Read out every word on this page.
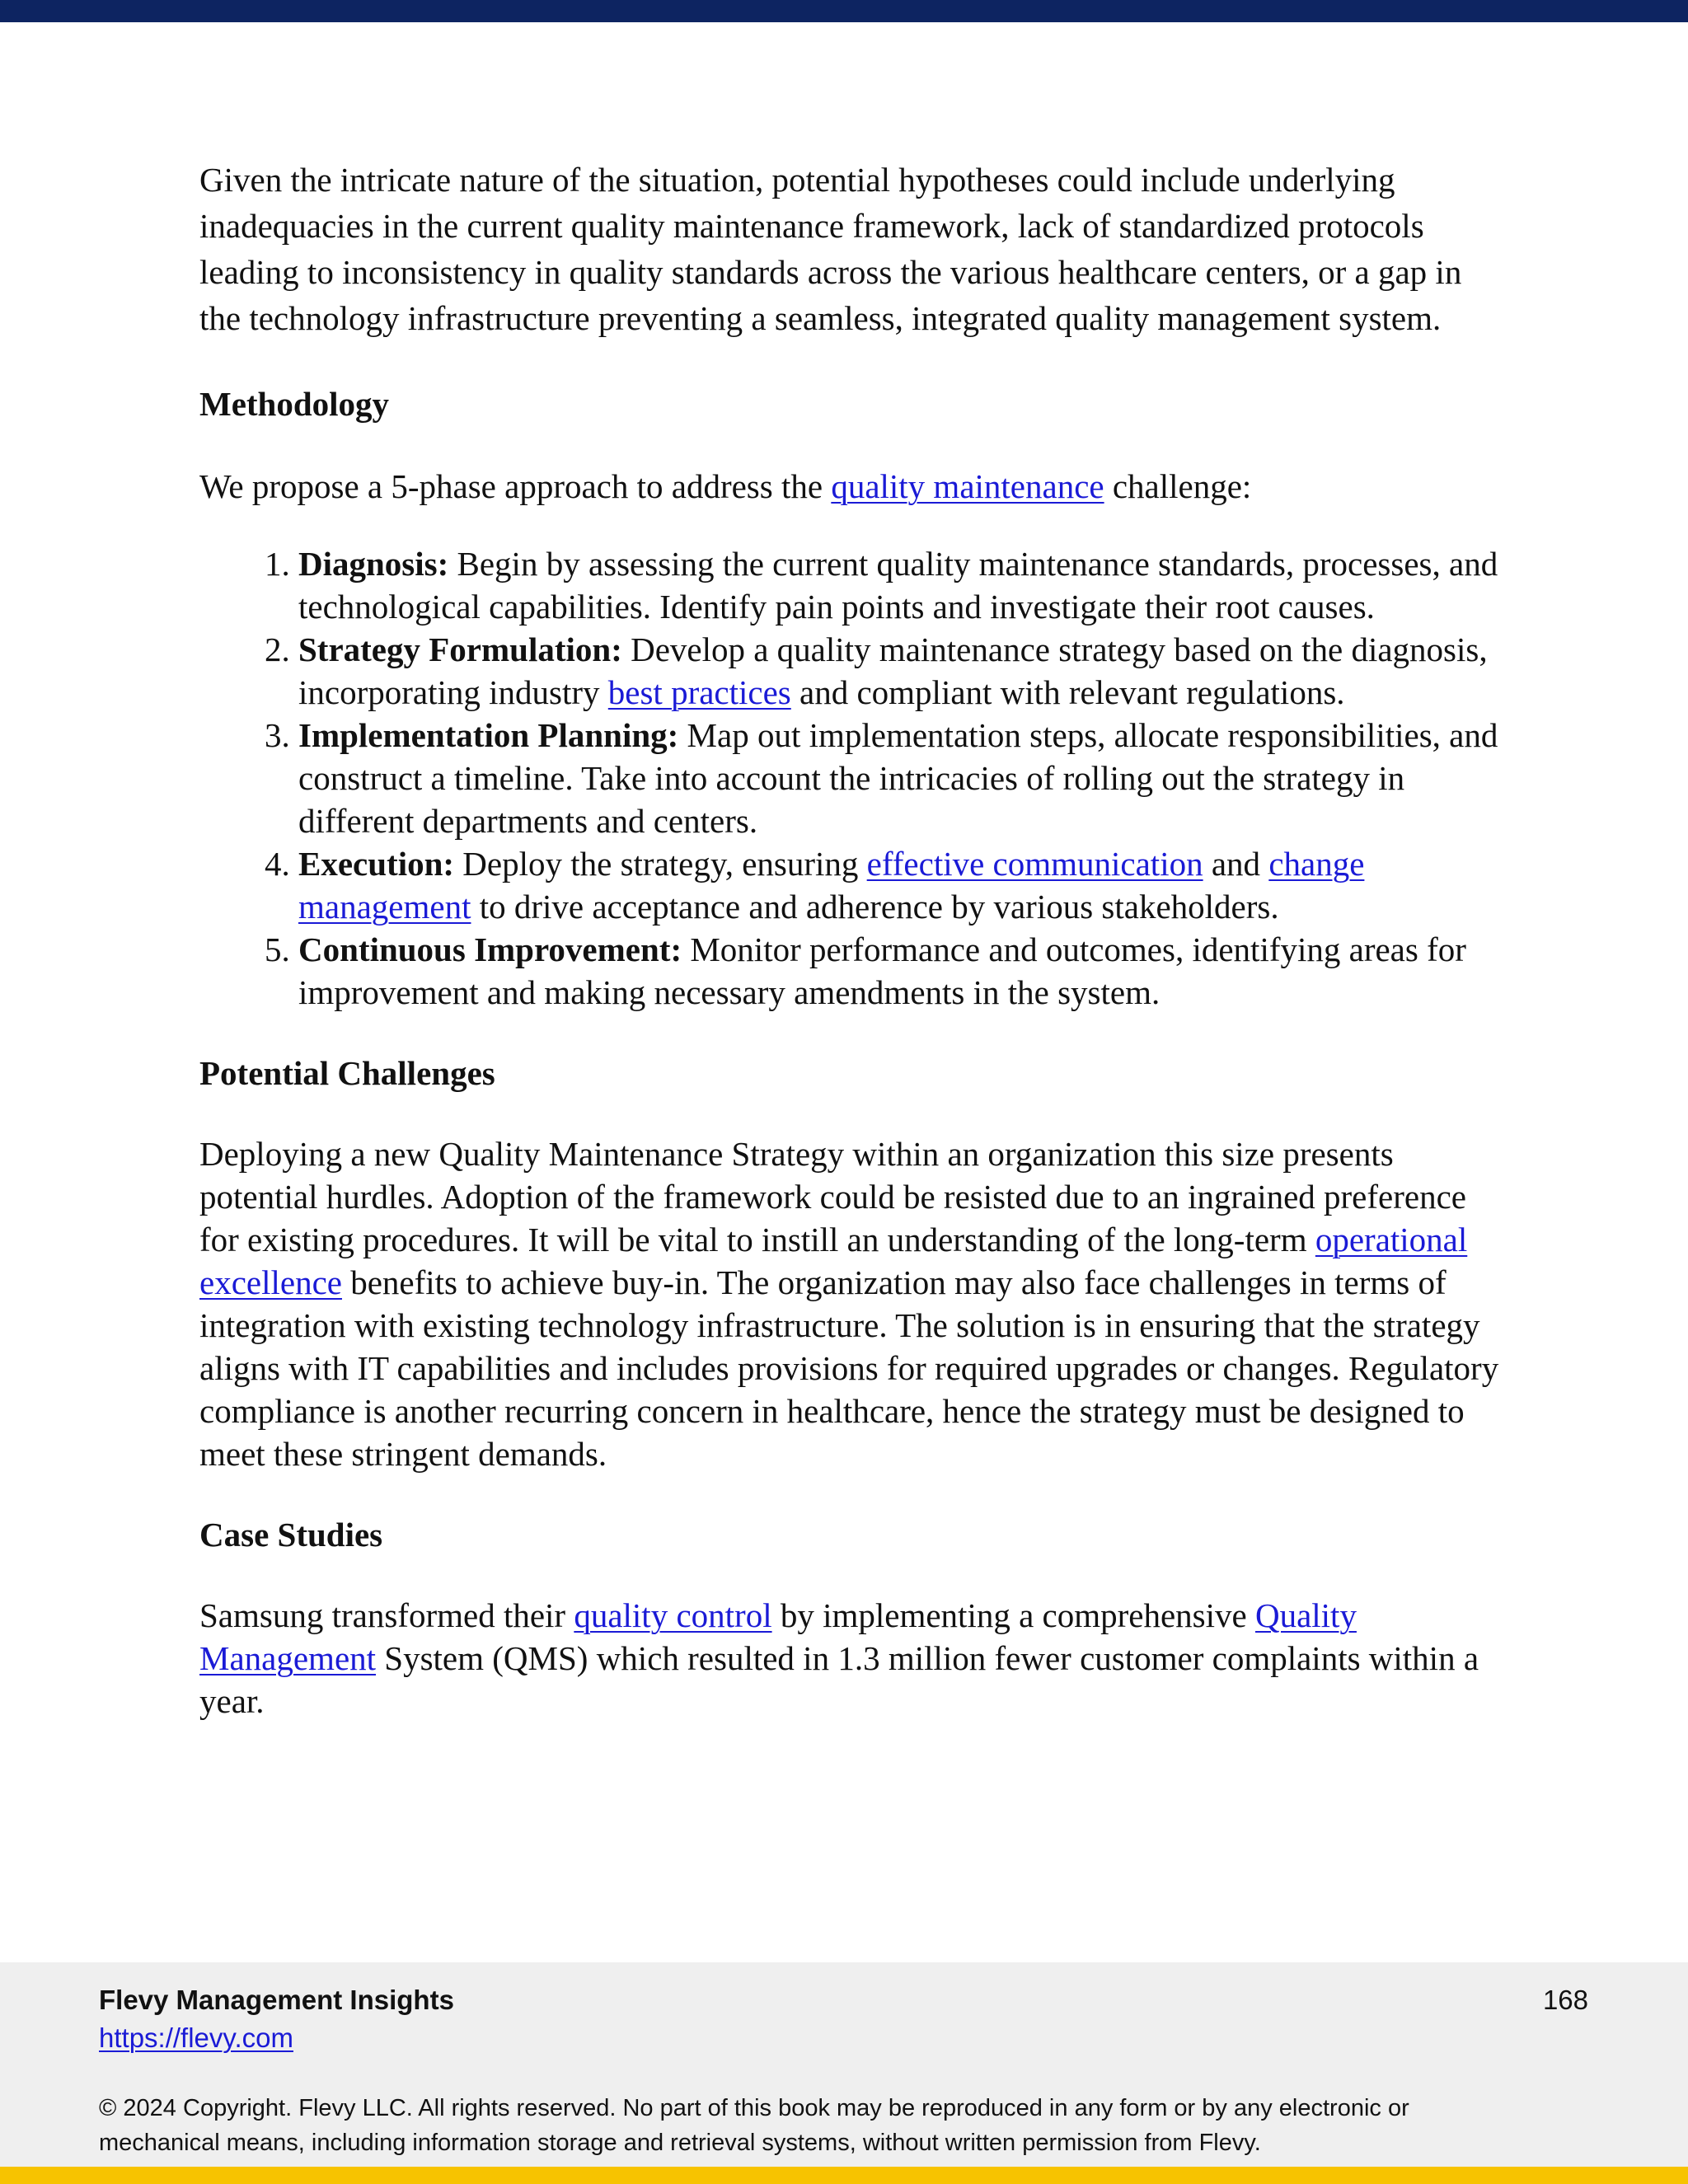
Given the intricate nature of the situation, potential hypotheses could include underlying inadequacies in the current quality maintenance framework, lack of standardized protocols leading to inconsistency in quality standards across the various healthcare centers, or a gap in the technology infrastructure preventing a seamless, integrated quality management system.

Methodology

We propose a 5-phase approach to address the quality maintenance challenge:

1. Diagnosis: Begin by assessing the current quality maintenance standards, processes, and technological capabilities. Identify pain points and investigate their root causes.
2. Strategy Formulation: Develop a quality maintenance strategy based on the diagnosis, incorporating industry best practices and compliant with relevant regulations.
3. Implementation Planning: Map out implementation steps, allocate responsibilities, and construct a timeline. Take into account the intricacies of rolling out the strategy in different departments and centers.
4. Execution: Deploy the strategy, ensuring effective communication and change management to drive acceptance and adherence by various stakeholders.
5. Continuous Improvement: Monitor performance and outcomes, identifying areas for improvement and making necessary amendments in the system.

Potential Challenges

Deploying a new Quality Maintenance Strategy within an organization this size presents potential hurdles. Adoption of the framework could be resisted due to an ingrained preference for existing procedures. It will be vital to instill an understanding of the long-term operational excellence benefits to achieve buy-in. The organization may also face challenges in terms of integration with existing technology infrastructure. The solution is in ensuring that the strategy aligns with IT capabilities and includes provisions for required upgrades or changes. Regulatory compliance is another recurring concern in healthcare, hence the strategy must be designed to meet these stringent demands.

Case Studies

Samsung transformed their quality control by implementing a comprehensive Quality Management System (QMS) which resulted in 1.3 million fewer customer complaints within a year.

Flevy Management Insights
https://flevy.com
168
© 2024 Copyright. Flevy LLC. All rights reserved. No part of this book may be reproduced in any form or by any electronic or mechanical means, including information storage and retrieval systems, without written permission from Flevy.
